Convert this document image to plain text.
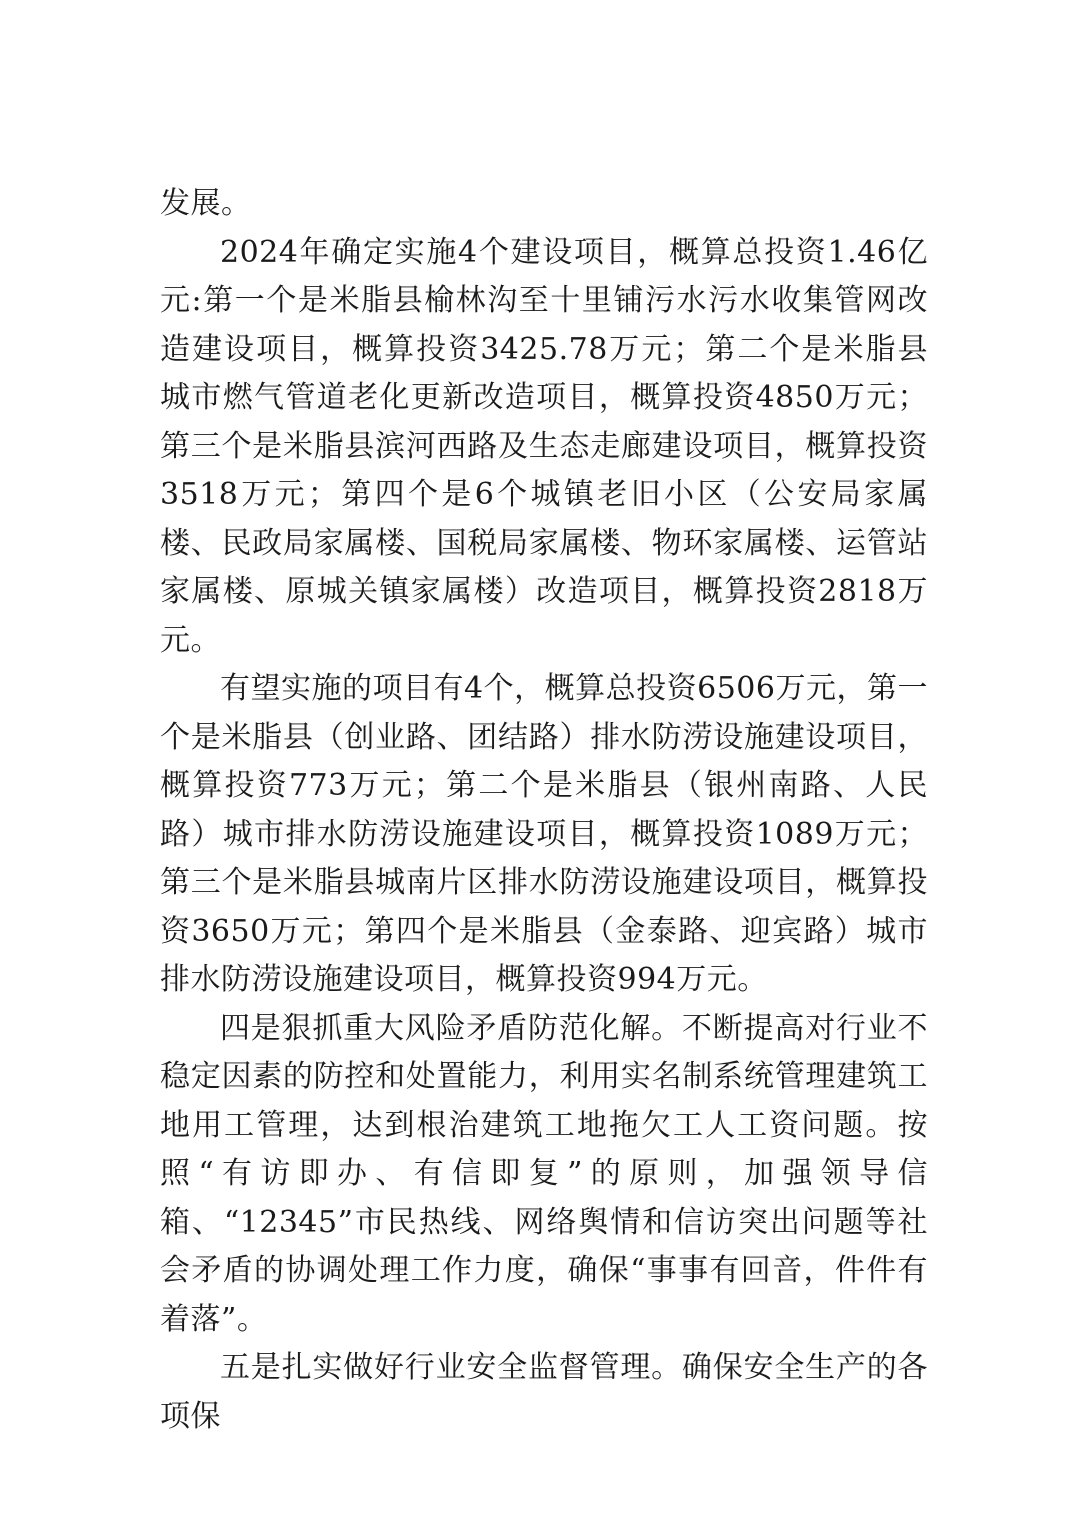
发展。

2024年确定实施4个建设项目，概算总投资1.46亿元:第一个是米脂县榆林沟至十里铺污水污水收集管网改造建设项目，概算投资3425.78万元；第二个是米脂县城市燃气管道老化更新改造项目，概算投资4850万元；第三个是米脂县滨河西路及生态走廊建设项目，概算投资3518万元；第四个是6个城镇老旧小区（公安局家属楼、民政局家属楼、国税局家属楼、物环家属楼、运管站家属楼、原城关镇家属楼）改造项目，概算投资2818万元。

有望实施的项目有4个，概算总投资6506万元，第一个是米脂县（创业路、团结路）排水防涝设施建设项目，概算投资773万元；第二个是米脂县（银州南路、人民路）城市排水防涝设施建设项目，概算投资1089万元；第三个是米脂县城南片区排水防涝设施建设项目，概算投资3650万元；第四个是米脂县（金泰路、迎宾路）城市排水防涝设施建设项目，概算投资994万元。

四是狠抓重大风险矛盾防范化解。不断提高对行业不稳定因素的防控和处置能力，利用实名制系统管理建筑工地用工管理，达到根治建筑工地拖欠工人工资问题。按照“有访即办、有信即复”的原则，加强领导信箱、“12345”市民热线、网络舆情和信访突出问题等社会矛盾的协调处理工作力度，确保“事事有回音，件件有着落”。

五是扎实做好行业安全监督管理。确保安全生产的各项保
